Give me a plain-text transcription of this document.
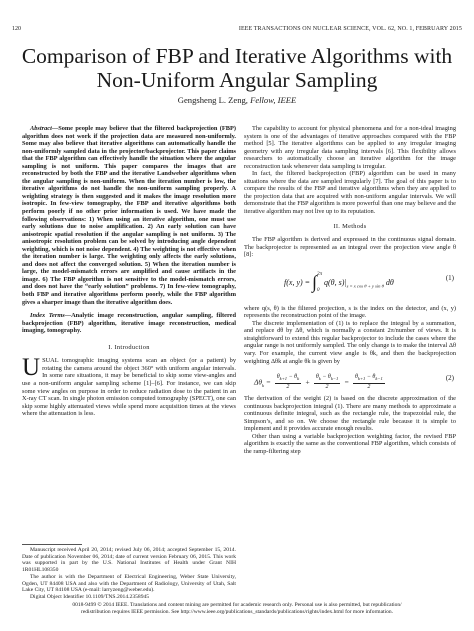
120	IEEE TRANSACTIONS ON NUCLEAR SCIENCE, VOL. 62, NO. 1, FEBRUARY 2015
Comparison of FBP and Iterative Algorithms with
Non-Uniform Angular Sampling
Gengsheng L. Zeng, Fellow, IEEE

Abstract—Some people may believe that the filtered backprojection (FBP) algorithm does not work if the projection data are measured non-uniformly. Some may also believe that iterative algorithms can automatically handle the non-uniformly sampled data in the projector/backprojector. This paper claims that the FBP algorithm can effectively handle the situation where the angular sampling is not uniform. This paper compares the images that are reconstructed by both the FBP and the iterative Landweber algorithms when the angular sampling is non-uniform. When the iteration number is low, the iterative algorithms do not handle the non-uniform sampling properly. A weighting strategy is then suggested and it makes the image resolution more isotropic. In few-view tomography, the FBP and iterative algorithms both perform poorly if no other prior information is used. We have made the following observations: 1) When using an iterative algorithm, one must use early solutions due to noise amplification. 2) An early solution can have anisotropic spatial resolution if the angular sampling is not uniform. 3) The anisotropic resolution problem can be solved by introducing angle dependent weighting, which is not noise dependent. 4) The weighting is not effective when the iteration number is large. The weighting only affects the early solutions, and does not affect the converged solution. 5) When the iteration number is large, the model-mismatch errors are amplified and cause artifacts in the image. 6) The FBP algorithm is not sensitive to the model-mismatch errors, and does not have the “early solution” problems. 7) In few-view tomography, both FBP and iterative algorithms perform poorly, while the FBP algorithm gives a sharper image than the iterative algorithm does.

Index Terms—Analytic image reconstruction, angular sampling, filtered backprojection (FBP) algorithm, iterative image reconstruction, medical imaging, tomography.

I. Introduction

USUAL tomographic imaging systems scan an object (or a patient) by rotating the camera around the object 360° with uniform angular intervals. In some rare situations, it may be beneficial to skip some view-angles and use a non-uniform angular sampling scheme [1]–[6]. For instance, we can skip some view angles on purpose in order to reduce radiation dose to the patient in an X-ray CT scan. In single photon emission computed tomography (SPECT), one can skip some highly attenuated views while spend more acquisition times at the views where the attenuation is less.

Manuscript received April 20, 2014; revised July 06, 2014; accepted September 15, 2014. Date of publication November 06, 2014; date of current version February 06, 2015. This work was supported in part by the U.S. National Institutes of Health under Grant NIH 1R01HL108350

The author is with the Department of Electrical Engineering, Weber State University, Ogden, UT 84408 USA and also with the Department of Radiology, University of Utah, Salt Lake City, UT 84108 USA (e-mail: larryzeng@weber.edu).

Digital Object Identifier 10.1109/TNS.2014.2358945

The capability to account for physical phenomena and for a non-ideal imaging system is one of the advantages of iterative approaches compared with the FBP method [5]. The iterative algorithms can be applied to any irregular imaging geometry with any irregular data sampling intervals [6]. This flexibility allows researchers to automatically choose an iterative algorithm for the image reconstruction task whenever data sampling is irregular.

In fact, the filtered backprojection (FBP) algorithm can be used in many situations where the data are sampled irregularly [7]. The goal of this paper is to compare the results of the FBP and iterative algorithms when they are applied to the projection data that are acquired with non-uniform angular intervals. We will demonstrate that the FBP algorithm is more powerful than one may believe and the iterative algorithm may not live up to its reputation.

II. Methods

The FBP algorithm is derived and expressed in the continuous signal domain. The backprojector is represented as an integral over the projection view angle θ [8]:

f(x, y) = ∫2π
0 q(θ, $s)|_{s = x cos \theta + y sin \theta}$ dθ	(1)

where q(s, θ) is the filtered projection, s is the index on the detector, and (x, y) represents the reconstruction point of the image.

The discrete implementation of (1) is to replace the integral by a summation, and replace dθ by Δθ, which is normally a constant 2π/number of views. It is straightforward to extend this regular backprojector to include the cases where the angular range is not uniformly sampled. The only change is to make the interval Δθ vary. For example, the current view angle is θk, and then the backprojection weighting Δθk at angle θk is given by

$\Delta\theta_k = \frac{\theta_{k+1} - \theta_k}{2} + \frac{\theta_k - \theta_{k-1}}{2} = \frac{\theta_{k+1} - \theta_{k-1}}{2}$	(2)

The derivation of the weight (2) is based on the discrete approximation of the continuous backprojection integral (1). There are many methods to approximate a continuous definite integral, such as the rectangle rule, the trapezoidal rule, the Simpson’s, and so on. We choose the rectangle rule because it is simple to implement and it provides accurate enough results.

Other than using a variable backprojection weighting factor, the revised FBP algorithm is exactly the same as the conventional FBP algorithm, which consists of the ramp-filtering step

0018-9499 © 2014 IEEE. Translations and content mining are permitted for academic research only. Personal use is also permitted, but republication/
redistribution requires IEEE permission. See http://www.ieee.org/publications_standards/publications/rights/index.html for more information.
